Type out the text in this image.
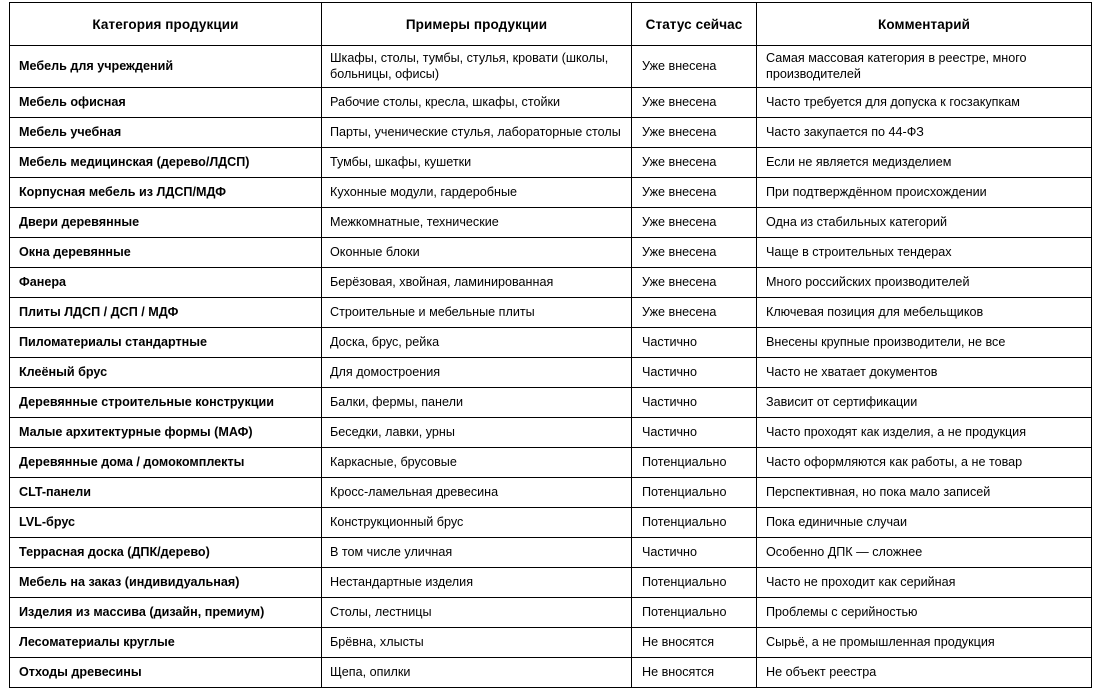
Категория продукции	Примеры продукции	Статус сейчас	Комментарий
Мебель для учреждений	Шкафы, столы, тумбы, стулья, кровати (школы, больницы, офисы)	Уже внесена	Самая массовая категория в реестре, много производителей
Мебель офисная	Рабочие столы, кресла, шкафы, стойки	Уже внесена	Часто требуется для допуска к госзакупкам
Мебель учебная	Парты, ученические стулья, лабораторные столы	Уже внесена	Часто закупается по 44-ФЗ
Мебель медицинская (дерево/ЛДСП)	Тумбы, шкафы, кушетки	Уже внесена	Если не является медизделием
Корпусная мебель из ЛДСП/МДФ	Кухонные модули, гардеробные	Уже внесена	При подтверждённом происхождении
Двери деревянные	Межкомнатные, технические	Уже внесена	Одна из стабильных категорий
Окна деревянные	Оконные блоки	Уже внесена	Чаще в строительных тендерах
Фанера	Берёзовая, хвойная, ламинированная	Уже внесена	Много российских производителей
Плиты ЛДСП / ДСП / МДФ	Строительные и мебельные плиты	Уже внесена	Ключевая позиция для мебельщиков
Пиломатериалы стандартные	Доска, брус, рейка	Частично	Внесены крупные производители, не все
Клеёный брус	Для домостроения	Частично	Часто не хватает документов
Деревянные строительные конструкции	Балки, фермы, панели	Частично	Зависит от сертификации
Малые архитектурные формы (МАФ)	Беседки, лавки, урны	Частично	Часто проходят как изделия, а не продукция
Деревянные дома / домокомплекты	Каркасные, брусовые	Потенциально	Часто оформляются как работы, а не товар
CLT-панели	Кросс-ламельная древесина	Потенциально	Перспективная, но пока мало записей
LVL-брус	Конструкционный брус	Потенциально	Пока единичные случаи
Террасная доска (ДПК/дерево)	В том числе уличная	Частично	Особенно ДПК — сложнее
Мебель на заказ (индивидуальная)	Нестандартные изделия	Потенциально	Часто не проходит как серийная
Изделия из массива (дизайн, премиум)	Столы, лестницы	Потенциально	Проблемы с серийностью
Лесоматериалы круглые	Брёвна, хлысты	Не вносятся	Сырьё, а не промышленная продукция
Отходы древесины	Щепа, опилки	Не вносятся	Не объект реестра
